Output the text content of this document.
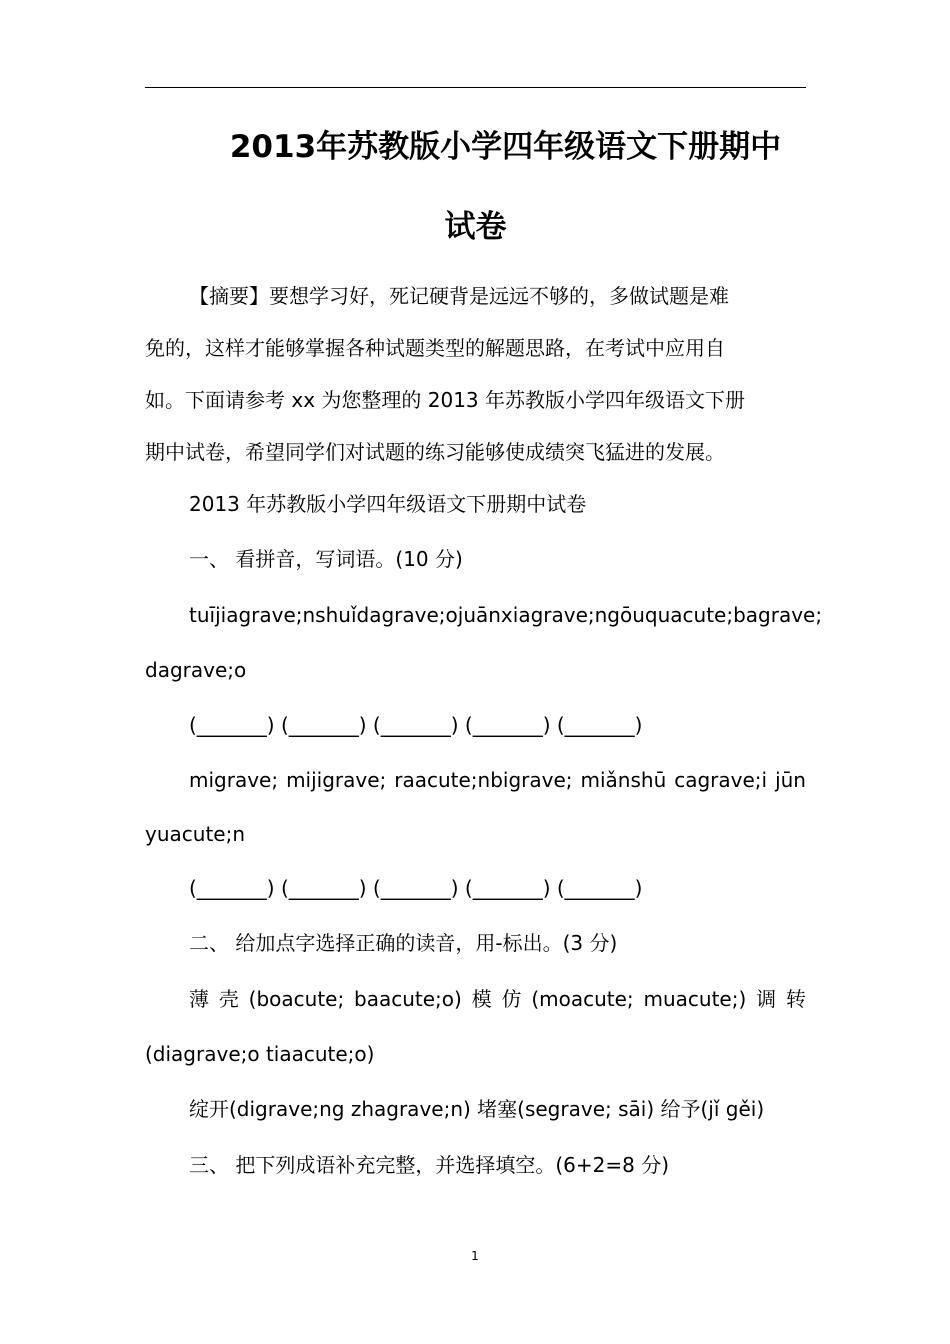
2013年苏教版小学四年级语文下册期中
试卷
【摘要】要想学习好，死记硬背是远远不够的，多做试题是难
免的，这样才能够掌握各种试题类型的解题思路，在考试中应用自
如。下面请参考 xx 为您整理的 2013 年苏教版小学四年级语文下册
期中试卷，希望同学们对试题的练习能够使成绩突飞猛进的发展。
2013 年苏教版小学四年级语文下册期中试卷
一、 看拼音，写词语。(10 分)
tuī jiagrave;nshuǐ dagrave;ojuān xiagrave;ngōu quacute;bagrave;
dagrave;o
(_______) (_______) (_______) (_______) (_______)
migrave; mijigrave; raacute;nbigrave; miǎnshū cagrave;i jūn
yuacute;n
(_______) (_______) (_______) (_______) (_______)
二、 给加点字选择正确的读音，用-标出。(3 分)
薄 壳 (boacute; baacute;o) 模 仿 (moacute; muacute;) 调 转
(diagrave;o tiaacute;o)
绽开(digrave;ng zhagrave;n) 堵塞(segrave; sāi) 给予(jǐ gěi)
三、 把下列成语补充完整，并选择填空。(6+2=8 分)
1
